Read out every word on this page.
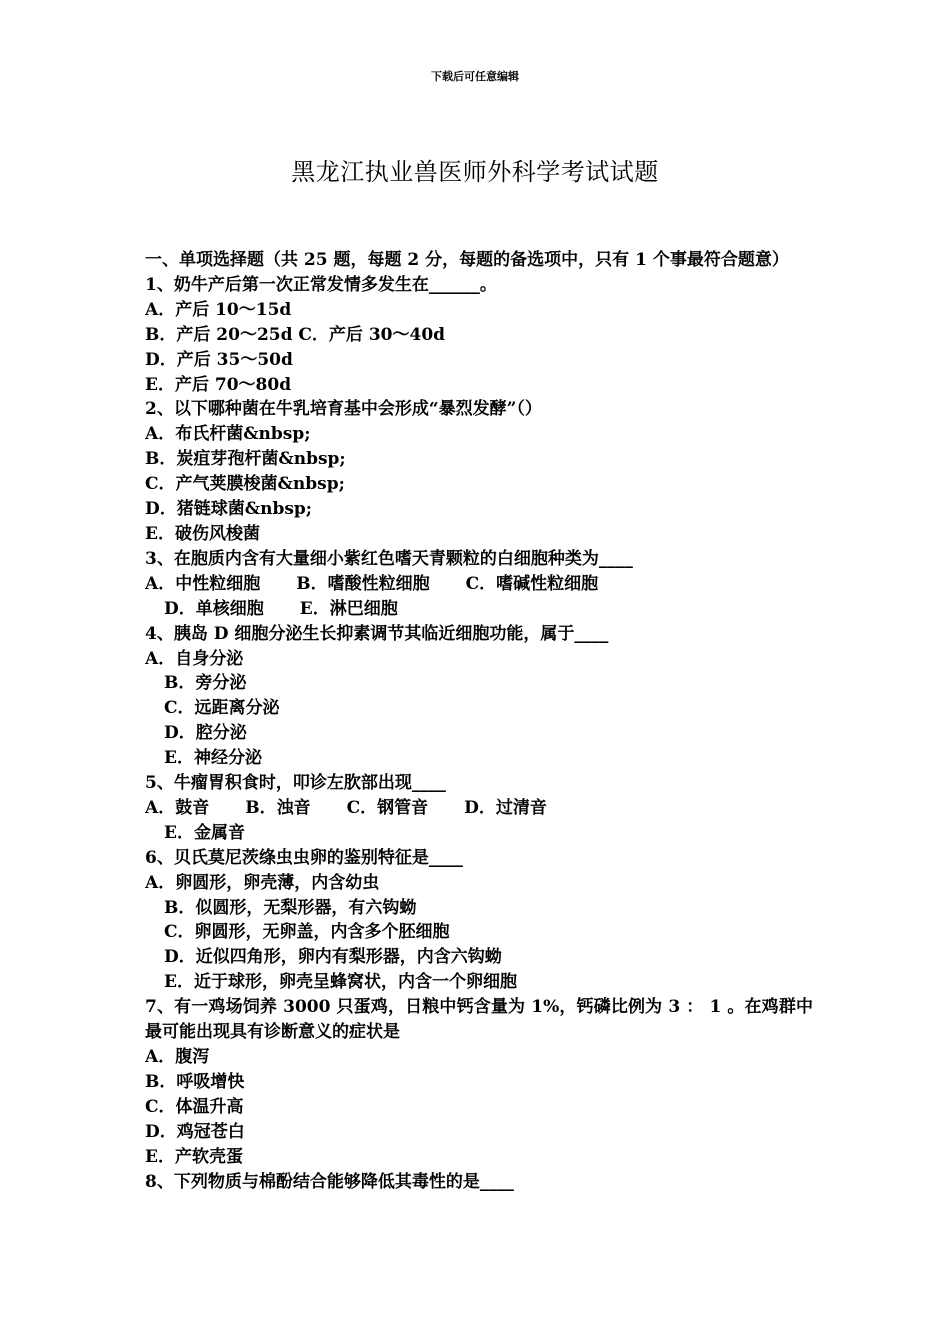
下载后可任意编辑
黑龙江执业兽医师外科学考试试题
一、单项选择题（共 25 题，每题 2 分，每题的备选项中，只有 1 个事最符合题意）
1、奶牛产后第一次正常发情多发生在______。
A．产后 10～15d
B．产后 20～25d C．产后 30～40d
D．产后 35～50d
E．产后 70～80d
2、以下哪种菌在牛乳培育基中会形成“暴烈发酵”（）
A．布氏杆菌&nbsp;
B．炭疽芽孢杆菌&nbsp;
C．产气荚膜梭菌&nbsp;
D．猪链球菌&nbsp;
E．破伤风梭菌
3、在胞质内含有大量细小紫红色嗜天青颗粒的白细胞种类为____
A．中性粒细胞 B．嗜酸性粒细胞 C．嗜碱性粒细胞
D．单核细胞 E．淋巴细胞
4、胰岛 D 细胞分泌生长抑素调节其临近细胞功能，属于____
A．自身分泌
B．旁分泌
C．远距离分泌
D．腔分泌
E．神经分泌
5、牛瘤胃积食时，叩诊左肷部出现____
A．鼓音 B．浊音 C．钢管音 D．过清音
E．金属音
6、贝氏莫尼茨绦虫虫卵的鉴别特征是____
A．卵圆形，卵壳薄，内含幼虫
B．似圆形，无梨形器，有六钩蚴
C．卵圆形，无卵盖，内含多个胚细胞
D．近似四角形，卵内有梨形器，内含六钩蚴
E．近于球形，卵壳呈蜂窝状，内含一个卵细胞
7、有一鸡场饲养 3000 只蛋鸡，日粮中钙含量为 1%，钙磷比例为 3 ： 1 。在鸡群中最可能出现具有诊断意义的症状是
A．腹泻
B．呼吸增快
C．体温升高
D．鸡冠苍白
E．产软壳蛋
8、下列物质与棉酚结合能够降低其毒性的是____
